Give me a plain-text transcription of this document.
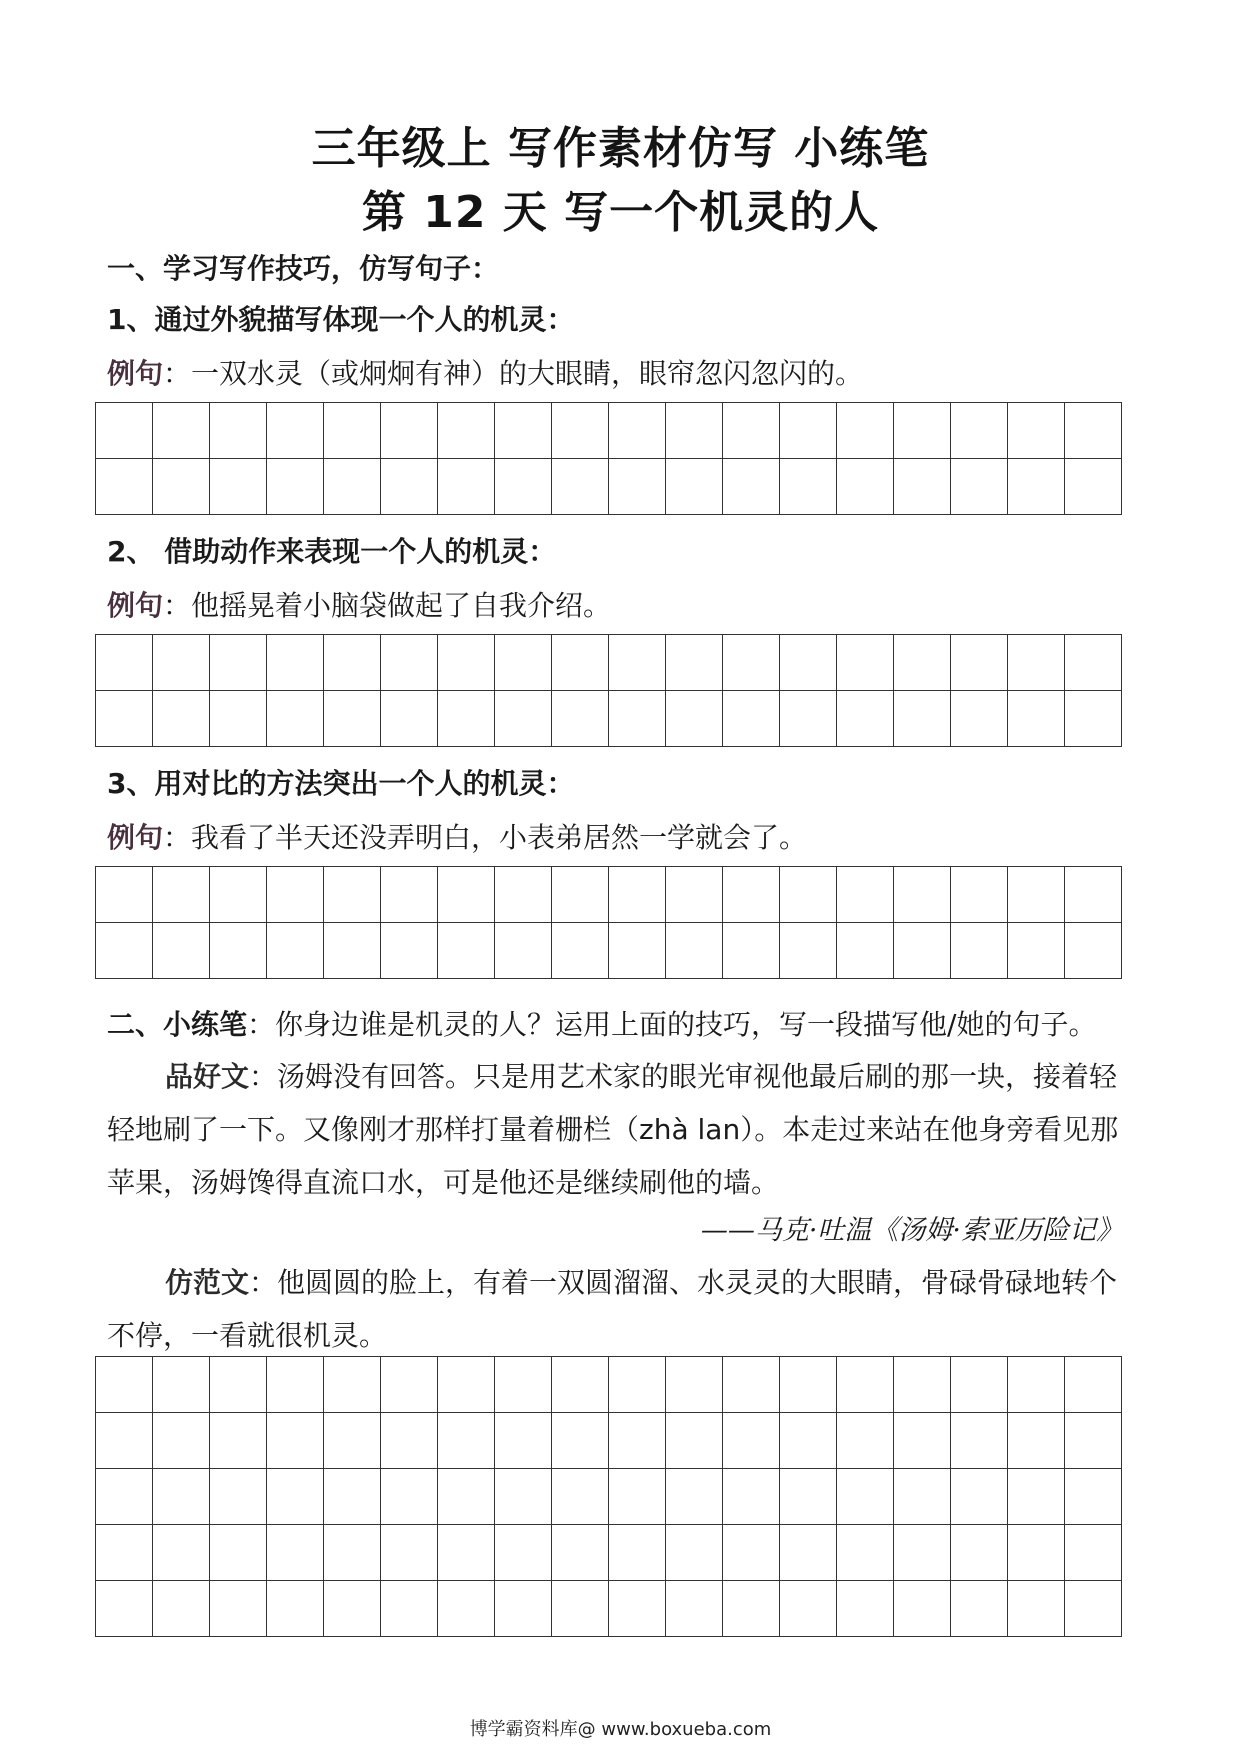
三年级上 写作素材仿写 小练笔
第 12 天 写一个机灵的人
一、学习写作技巧，仿写句子：
1、通过外貌描写体现一个人的机灵：
例句：一双水灵（或炯炯有神）的大眼睛，眼帘忽闪忽闪的。
2、 借助动作来表现一个人的机灵：
例句：他摇晃着小脑袋做起了自我介绍。
3、用对比的方法突出一个人的机灵：
例句：我看了半天还没弄明白，小表弟居然一学就会了。
二、小练笔：你身边谁是机灵的人？运用上面的技巧，写一段描写他/她的句子。
品好文：汤姆没有回答。只是用艺术家的眼光审视他最后刷的那一块，接着轻轻地刷了一下。又像刚才那样打量着栅栏（zhà lan）。本走过来站在他身旁看见那苹果，汤姆馋得直流口水，可是他还是继续刷他的墙。
——马克·吐温《汤姆·索亚历险记》
仿范文：他圆圆的脸上，有着一双圆溜溜、水灵灵的大眼睛，骨碌骨碌地转个不停，一看就很机灵。
博学霸资料库@ www.boxueba.com
